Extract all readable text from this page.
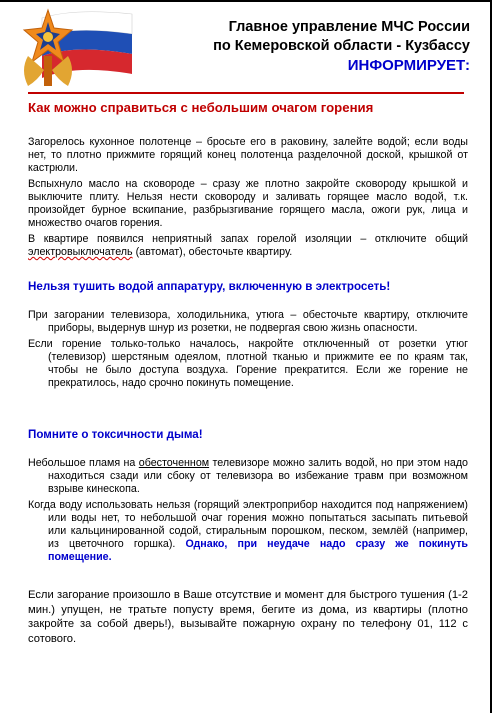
Главное управление МЧС России
по Кемеровской области - Кузбассу
ИНФОРМИРУЕТ:
Как можно справиться с небольшим очагом горения
Загорелось кухонное полотенце – бросьте его в раковину, залейте водой; если воды нет, то плотно прижмите горящий конец полотенца разделочной доской, крышкой от кастрюли.
Вспыхнуло масло на сковороде – сразу же плотно закройте сковороду крышкой и выключите плиту. Нельзя нести сковороду и заливать горящее масло водой, т.к. произойдет бурное вскипание, разбрызгивание горящего масла, ожоги рук, лица и множество очагов горения.
В квартире появился неприятный запах горелой изоляции – отключите общий электровыключатель (автомат), обесточьте квартиру.
Нельзя тушить водой аппаратуру, включенную в электросеть!
При загорании телевизора, холодильника, утюга – обесточьте квартиру, отключите приборы, выдернув шнур из розетки, не подвергая свою жизнь опасности.
Если горение только-только началось, накройте отключенный от розетки утюг (телевизор) шерстяным одеялом, плотной тканью и прижмите ее по краям так, чтобы не было доступа воздуха. Горение прекратится. Если же горение не прекратилось, надо срочно покинуть помещение.
Помните о токсичности дыма!
Небольшое пламя на обесточенном телевизоре можно залить водой, но при этом надо находиться сзади или сбоку от телевизора во избежание травм при возможном взрыве кинескопа.
Когда воду использовать нельзя (горящий электроприбор находится под напряжением) или воды нет, то небольшой очаг горения можно попытаться засыпать питьевой или кальцинированной содой, стиральным порошком, песком, землёй (например, из цветочного горшка). Однако, при неудаче надо сразу же покинуть помещение.
Если загорание произошло в Ваше отсутствие и момент для быстрого тушения (1-2 мин.) упущен, не тратьте попусту время, бегите из дома, из квартиры (плотно закройте за собой дверь!), вызывайте пожарную охрану по телефону 01, 112 с сотового.
